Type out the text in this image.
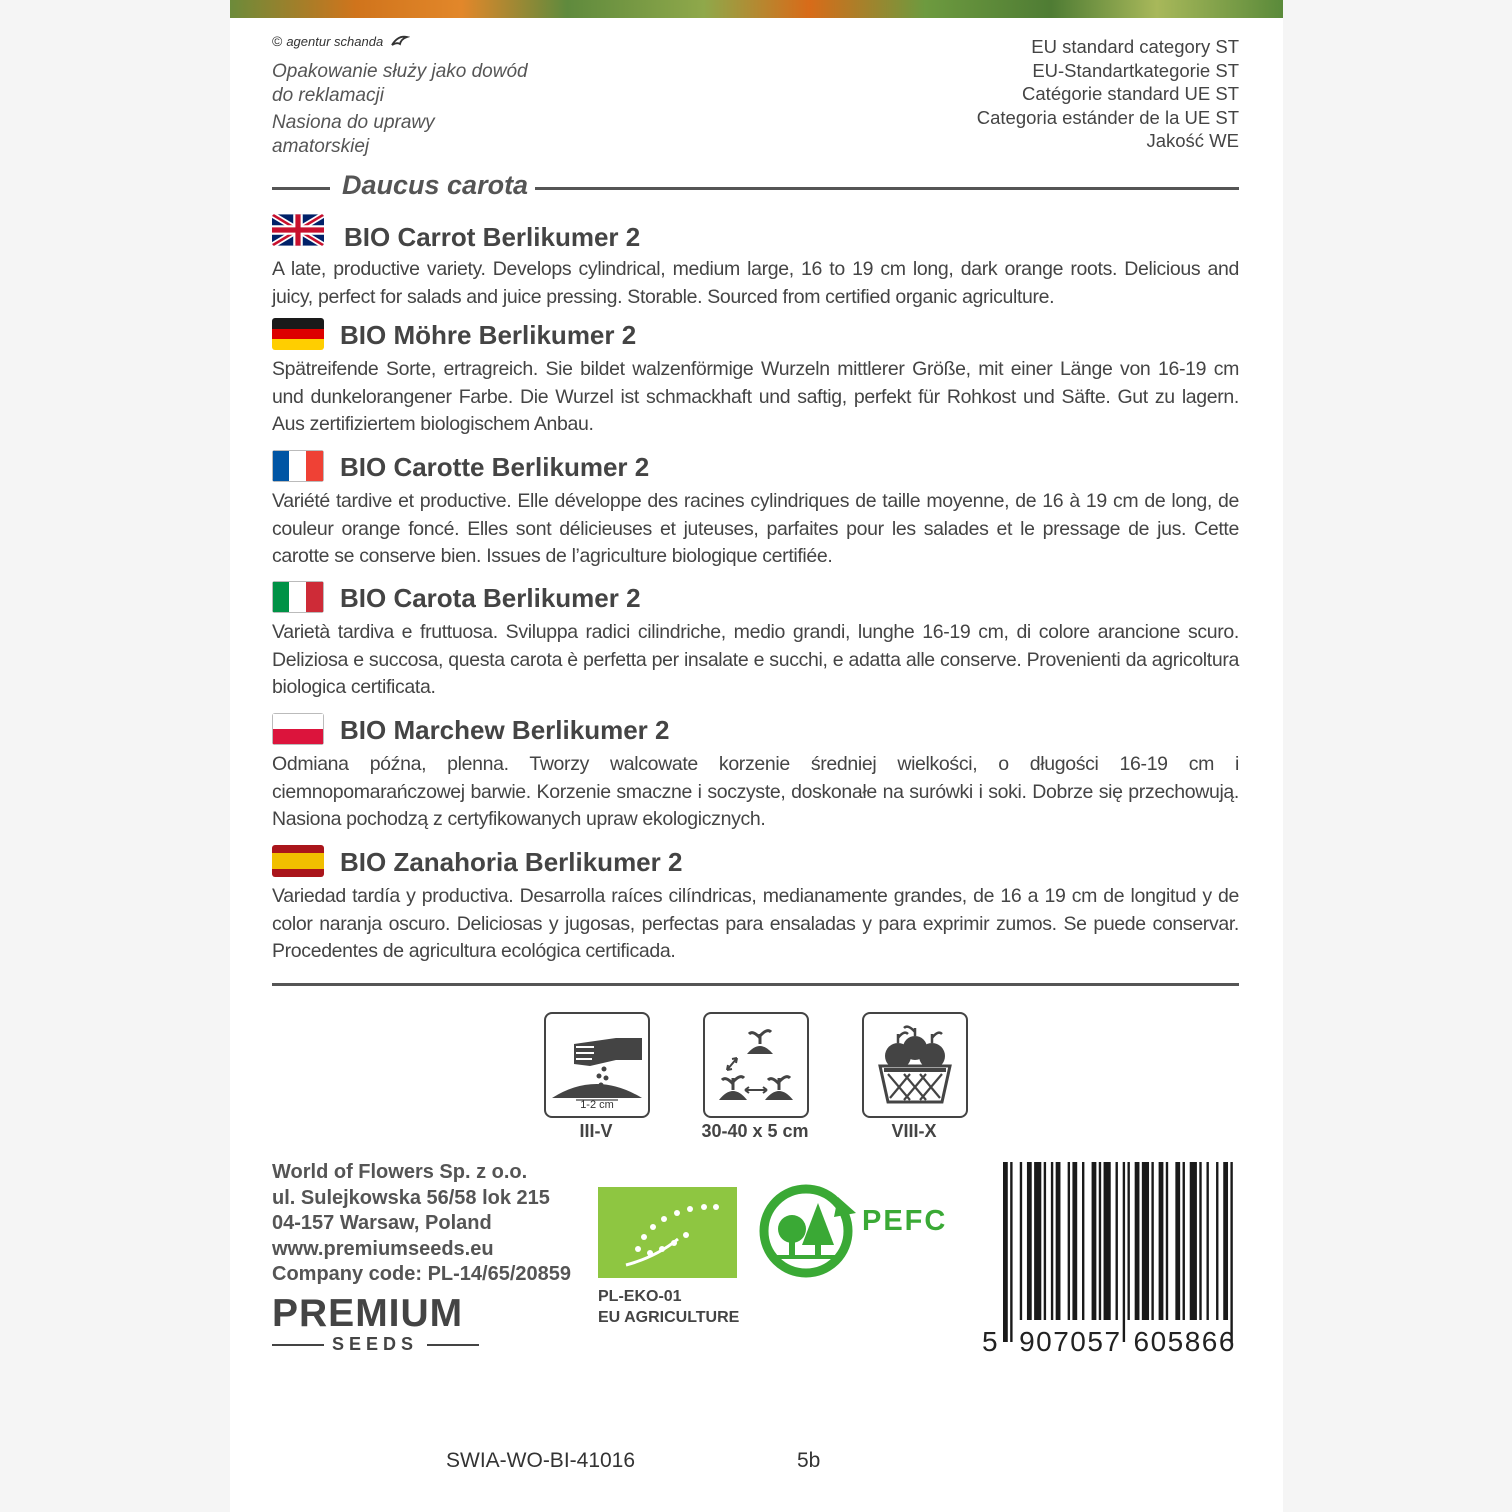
© agentur schanda

Opakowanie służy jako dowód do reklamacji

Nasiona do uprawy amatorskiej

EU standard category ST
EU-Standartkategorie ST
Catégorie standard UE ST
Categoria estánder de la UE ST
Jakość WE
Daucus carota
BIO Carrot Berlikumer 2
A late, productive variety. Develops cylindrical, medium large, 16 to 19 cm long, dark orange roots. Delicious and juicy, perfect for salads and juice pressing. Storable. Sourced from certified organic agriculture.
BIO Möhre Berlikumer 2
Spätreifende Sorte, ertragreich. Sie bildet walzenförmige Wurzeln mittlerer Größe, mit einer Länge von 16-19 cm und dunkelorangener Farbe. Die Wurzel ist schmackhaft und saftig, perfekt für Rohkost und Säfte. Gut zu lagern. Aus zertifiziertem biologischem Anbau.
BIO Carotte Berlikumer 2
Variété tardive et productive. Elle développe des racines cylindriques de taille moyenne, de 16 à 19 cm de long, de couleur orange foncé. Elles sont délicieuses et juteuses, parfaites pour les salades et le pressage de jus. Cette carotte se conserve bien. Issues de l’agriculture biologique certifiée.
BIO Carota Berlikumer 2
Varietà tardiva e fruttuosa. Sviluppa radici cilindriche, medio grandi, lunghe 16-19 cm, di colore arancione scuro. Deliziosa e succosa, questa carota è perfetta per insalate e succhi, e adatta alle conserve. Provenienti da agricoltura biologica certificata.
BIO Marchew Berlikumer 2
Odmiana późna, plenna. Tworzy walcowate korzenie średniej wielkości, o długości 16-19 cm i ciemnopomarańczowej barwie. Korzenie smaczne i soczyste, doskonałe na surówki i soki. Dobrze się przechowują. Nasiona pochodzą z certyfikowanych upraw ekologicznych.
BIO Zanahoria Berlikumer 2
Variedad tardía y productiva. Desarrolla raíces cilíndricas, medianamente grandes, de 16 a 19 cm de longitud y de color naranja oscuro. Deliciosas y jugosas, perfectas para ensaladas y para exprimir zumos. Se puede conservar. Procedentes de agricultura ecológica certificada.
1-2 cm
III-V	30-40 x 5 cm	VIII-X
World of Flowers Sp. z o.o.
ul. Sulejkowska 56/58 lok 215
04-157 Warsaw, Poland
www.premiumseeds.eu
Company code: PL-14/65/20859
PREMIUM
SEEDS
PL-EKO-01
EU AGRICULTURE
PEFC
5 907057 605866
SWIA-WO-BI-41016	5b
